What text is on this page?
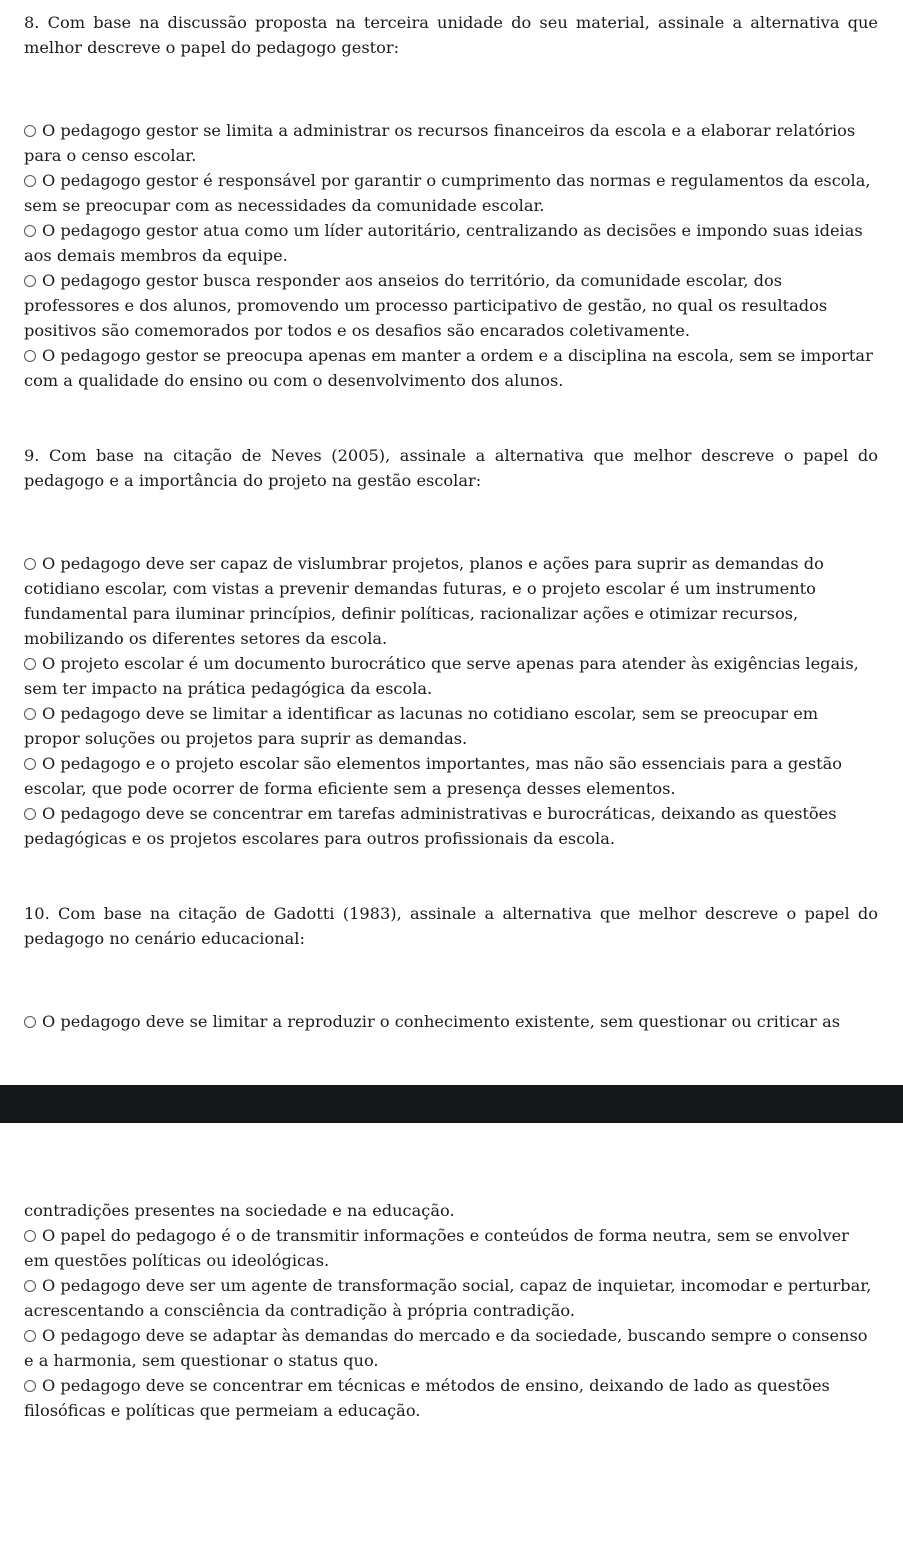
8. Com base na discussão proposta na terceira unidade do seu material, assinale a alternativa que melhor descreve o papel do pedagogo gestor:

O pedagogo gestor se limita a administrar os recursos financeiros da escola e a elaborar relatórios para o censo escolar.

O pedagogo gestor é responsável por garantir o cumprimento das normas e regulamentos da escola, sem se preocupar com as necessidades da comunidade escolar.

O pedagogo gestor atua como um líder autoritário, centralizando as decisões e impondo suas ideias aos demais membros da equipe.

O pedagogo gestor busca responder aos anseios do território, da comunidade escolar, dos professores e dos alunos, promovendo um processo participativo de gestão, no qual os resultados positivos são comemorados por todos e os desafios são encarados coletivamente.

O pedagogo gestor se preocupa apenas em manter a ordem e a disciplina na escola, sem se importar com a qualidade do ensino ou com o desenvolvimento dos alunos.

9. Com base na citação de Neves (2005), assinale a alternativa que melhor descreve o papel do pedagogo e a importância do projeto na gestão escolar:

O pedagogo deve ser capaz de vislumbrar projetos, planos e ações para suprir as demandas do cotidiano escolar, com vistas a prevenir demandas futuras, e o projeto escolar é um instrumento fundamental para iluminar princípios, definir políticas, racionalizar ações e otimizar recursos, mobilizando os diferentes setores da escola.

O projeto escolar é um documento burocrático que serve apenas para atender às exigências legais, sem ter impacto na prática pedagógica da escola.

O pedagogo deve se limitar a identificar as lacunas no cotidiano escolar, sem se preocupar em propor soluções ou projetos para suprir as demandas.

O pedagogo e o projeto escolar são elementos importantes, mas não são essenciais para a gestão escolar, que pode ocorrer de forma eficiente sem a presença desses elementos.

O pedagogo deve se concentrar em tarefas administrativas e burocráticas, deixando as questões pedagógicas e os projetos escolares para outros profissionais da escola.

10. Com base na citação de Gadotti (1983), assinale a alternativa que melhor descreve o papel do pedagogo no cenário educacional:

O pedagogo deve se limitar a reproduzir o conhecimento existente, sem questionar ou criticar as

contradições presentes na sociedade e na educação.

O papel do pedagogo é o de transmitir informações e conteúdos de forma neutra, sem se envolver em questões políticas ou ideológicas.

O pedagogo deve ser um agente de transformação social, capaz de inquietar, incomodar e perturbar, acrescentando a consciência da contradição à própria contradição.

O pedagogo deve se adaptar às demandas do mercado e da sociedade, buscando sempre o consenso e a harmonia, sem questionar o status quo.

O pedagogo deve se concentrar em técnicas e métodos de ensino, deixando de lado as questões filosóficas e políticas que permeiam a educação.
